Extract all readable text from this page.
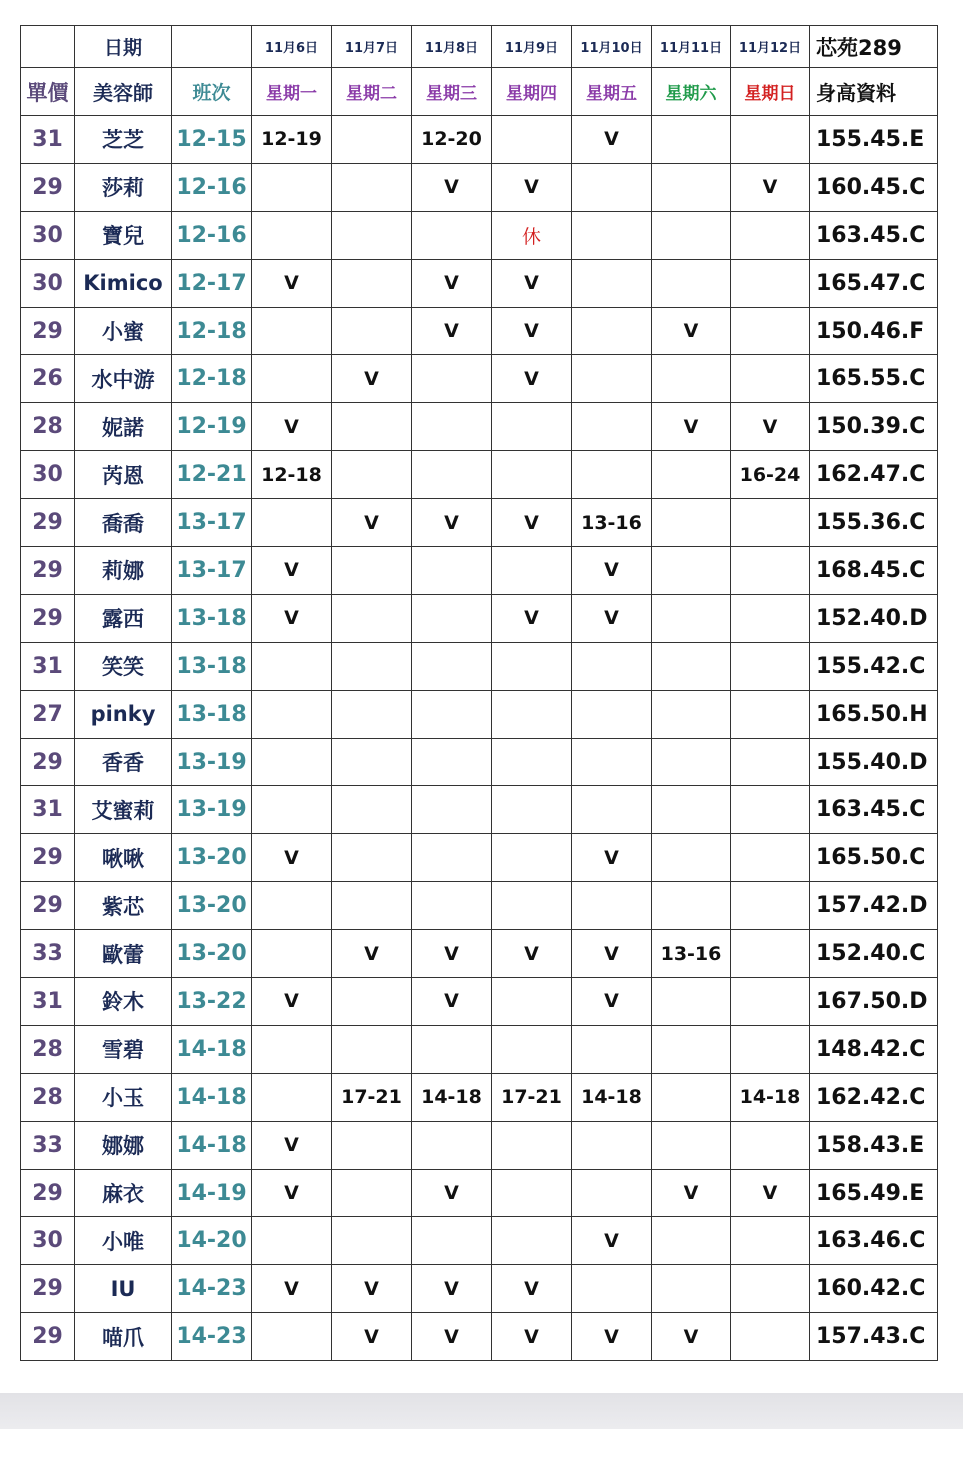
	日期		11月6日	11月7日	11月8日	11月9日	11月10日	11月11日	11月12日	芯苑289
單價	美容師	班次	星期一	星期二	星期三	星期四	星期五	星期六	星期日	身高資料
31	芝芝	12-15	12-19		12-20		V			155.45.E
29	莎莉	12-16			V	V			V	160.45.C
30	寶兒	12-16				休				163.45.C
30	Kimico	12-17	V		V	V				165.47.C
29	小蜜	12-18			V	V		V		150.46.F
26	水中游	12-18		V		V				165.55.C
28	妮諾	12-19	V					V	V	150.39.C
30	芮恩	12-21	12-18						16-24	162.47.C
29	喬喬	13-17		V	V	V	13-16			155.36.C
29	莉娜	13-17	V				V			168.45.C
29	露西	13-18	V			V	V			152.40.D
31	笑笑	13-18								155.42.C
27	pinky	13-18								165.50.H
29	香香	13-19								155.40.D
31	艾蜜莉	13-19								163.45.C
29	啾啾	13-20	V				V			165.50.C
29	紫芯	13-20								157.42.D
33	歐蕾	13-20		V	V	V	V	13-16		152.40.C
31	鈴木	13-22	V		V		V			167.50.D
28	雪碧	14-18								148.42.C
28	小玉	14-18		17-21	14-18	17-21	14-18		14-18	162.42.C
33	娜娜	14-18	V							158.43.E
29	麻衣	14-19	V		V			V	V	165.49.E
30	小唯	14-20					V			163.46.C
29	IU	14-23	V	V	V	V				160.42.C
29	喵爪	14-23		V	V	V	V	V		157.43.C
